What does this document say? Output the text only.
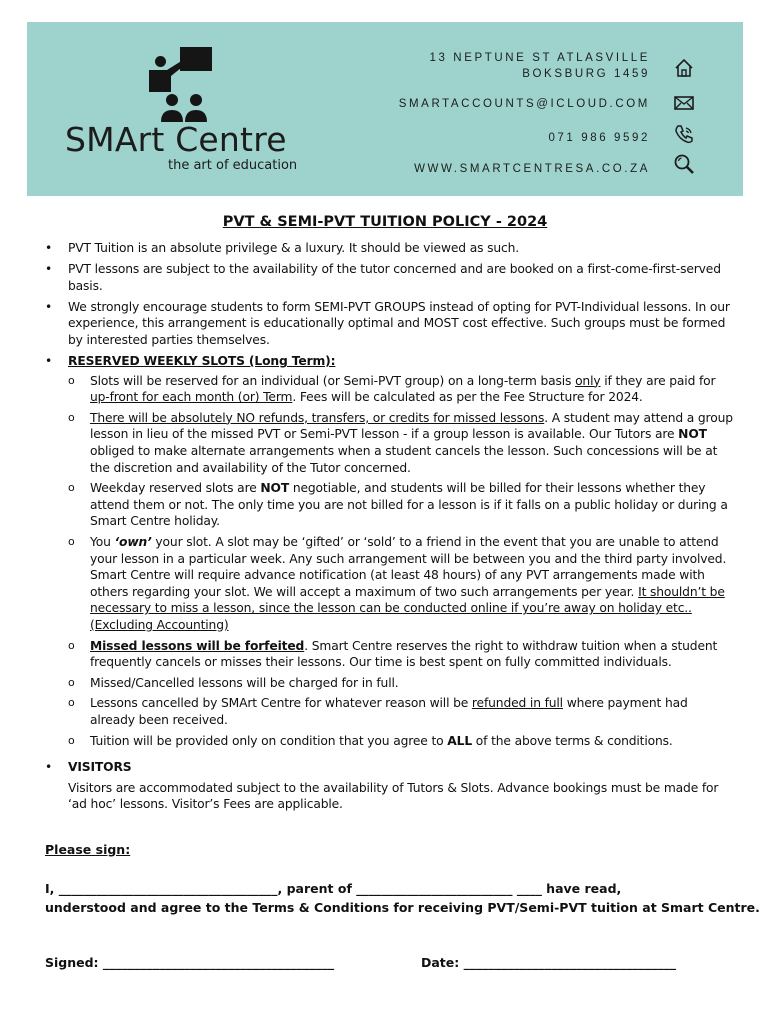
SMArt Centre
the art of education
13 NEPTUNE ST ATLASVILLE
BOKSBURG 1459
SMARTACCOUNTS@ICLOUD.COM
071 986 9592
WWW.SMARTCENTRESA.CO.ZA
PVT & SEMI-PVT TUITION POLICY - 2024
• PVT Tuition is an absolute privilege & a luxury. It should be viewed as such.
• PVT lessons are subject to the availability of the tutor concerned and are booked on a first-come-first-served basis.
• We strongly encourage students to form SEMI-PVT GROUPS instead of opting for PVT-Individual lessons. In our experience, this arrangement is educationally optimal and MOST cost effective. Such groups must be formed by interested parties themselves.
• RESERVED WEEKLY SLOTS (Long Term):
o Slots will be reserved for an individual (or Semi-PVT group) on a long-term basis only if they are paid for up-front for each month (or) Term. Fees will be calculated as per the Fee Structure for 2024.
o There will be absolutely NO refunds, transfers, or credits for missed lessons. A student may attend a group lesson in lieu of the missed PVT or Semi-PVT lesson - if a group lesson is available. Our Tutors are NOT obliged to make alternate arrangements when a student cancels the lesson. Such concessions will be at the discretion and availability of the Tutor concerned.
o Weekday reserved slots are NOT negotiable, and students will be billed for their lessons whether they attend them or not. The only time you are not billed for a lesson is if it falls on a public holiday or during a Smart Centre holiday.
o You ‘own’ your slot. A slot may be ‘gifted’ or ‘sold’ to a friend in the event that you are unable to attend your lesson in a particular week. Any such arrangement will be between you and the third party involved. Smart Centre will require advance notification (at least 48 hours) of any PVT arrangements made with others regarding your slot. We will accept a maximum of two such arrangements per year. It shouldn’t be necessary to miss a lesson, since the lesson can be conducted online if you’re away on holiday etc.. (Excluding Accounting)
o Missed lessons will be forfeited. Smart Centre reserves the right to withdraw tuition when a student frequently cancels or misses their lessons. Our time is best spent on fully committed individuals.
o Missed/Cancelled lessons will be charged for in full.
o Lessons cancelled by SMArt Centre for whatever reason will be refunded in full where payment had already been received.
o Tuition will be provided only on condition that you agree to ALL of the above terms & conditions.
• VISITORS
Visitors are accommodated subject to the availability of Tutors & Slots. Advance bookings must be made for ‘ad hoc’ lessons. Visitor’s Fees are applicable.
Please sign:
I, ___________________________________, parent of _________________________ ____ have read,
understood and agree to the Terms & Conditions for receiving PVT/Semi-PVT tuition at Smart Centre.
Signed: _____________________________________	Date: __________________________________
